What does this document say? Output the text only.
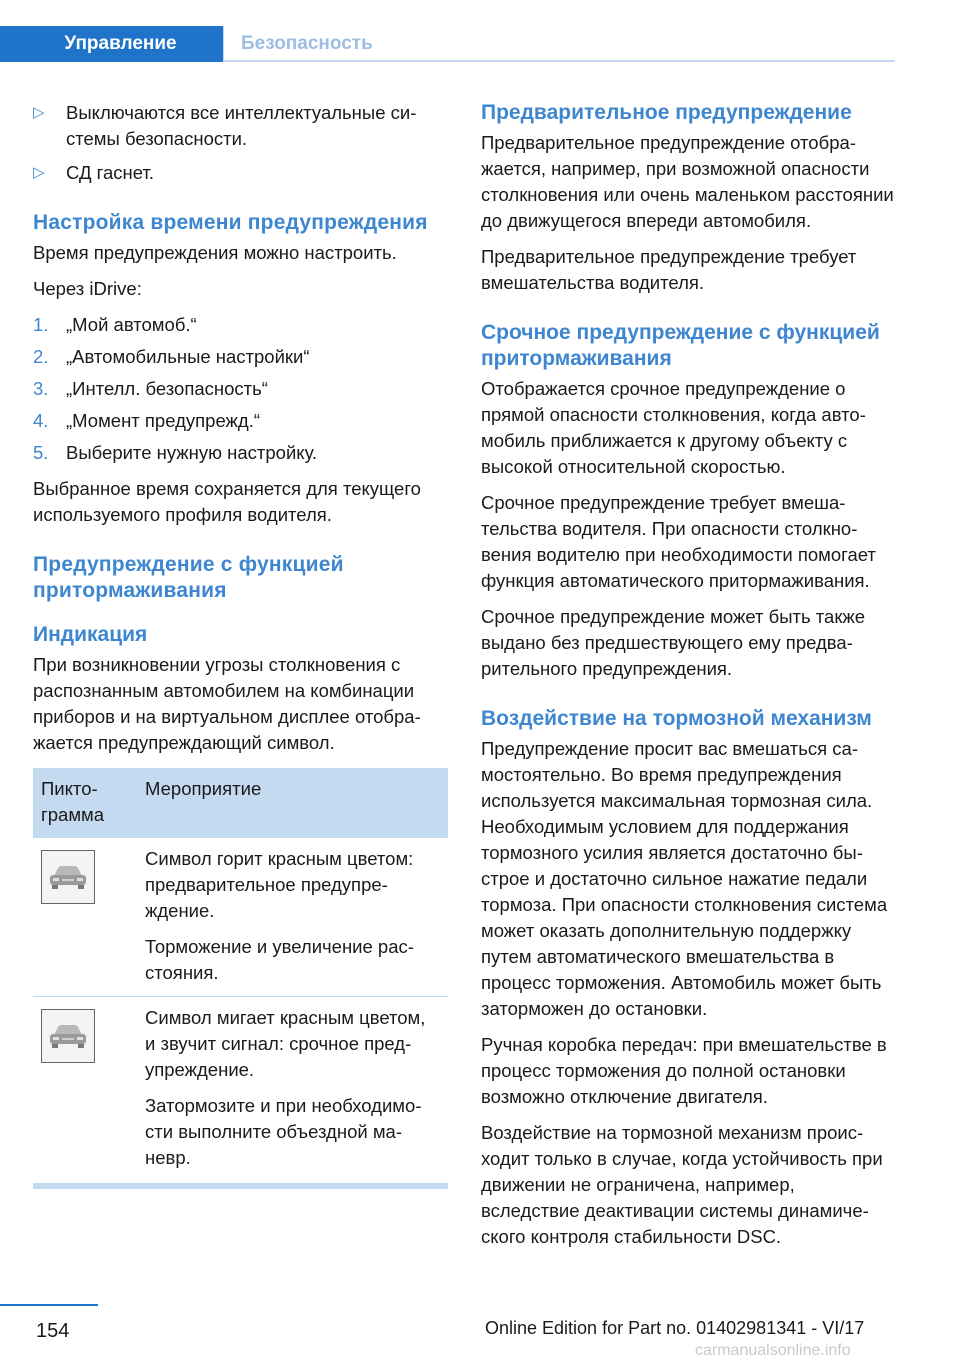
Управление	Безопасность
▷ Выключаются все интеллектуальные системы безопасности.
▷ СД гаснет.
Настройка времени предупреждения

Время предупреждения можно настроить.

Через iDrive:

1. „Мой автомоб.“
2. „Автомобильные настройки“
3. „Интелл. безопасность“
4. „Момент предупрежд.“
5. Выберите нужную настройку.

Выбранное время сохраняется для текущего используемого профиля водителя.

Предупреждение с функцией притормаживания
Индикация

При возникновении угрозы столкновения с распознанным автомобилем на комбинации приборов и на виртуальном дисплее отображается предупреждающий символ.

Пиктограмма	Мероприятие

Символ горит красным цветом: предварительное предупреждение.

Торможение и увеличение расстояния.

Символ мигает красным цветом, и звучит сигнал: срочное предупреждение.

Затормозите и при необходимости выполните объездной маневр.

Предварительное предупреждение

Предварительное предупреждение отображается, например, при возможной опасности столкновения или очень маленьком расстоянии до движущегося впереди автомобиля.

Предварительное предупреждение требует вмешательства водителя.

Срочное предупреждение с функцией притормаживания

Отображается срочное предупреждение о прямой опасности столкновения, когда автомобиль приближается к другому объекту с высокой относительной скоростью.

Срочное предупреждение требует вмешательства водителя. При опасности столкновения водителю при необходимости помогает функция автоматического притормаживания.

Срочное предупреждение может быть также выдано без предшествующего ему предварительного предупреждения.

Воздействие на тормозной механизм

Предупреждение просит вас вмешаться самостоятельно. Во время предупреждения используется максимальная тормозная сила. Необходимым условием для поддержания тормозного усилия является достаточно быстрое и достаточно сильное нажатие педали тормоза. При опасности столкновения система может оказать дополнительную поддержку путем автоматического вмешательства в процесс торможения. Автомобиль может быть заторможен до остановки.

Ручная коробка передач: при вмешательстве в процесс торможения до полной остановки возможно отключение двигателя.

Воздействие на тормозной механизм происходит только в случае, когда устойчивость при движении не ограничена, например, вследствие деактивации системы динамического контроля стабильности DSC.

154	Online Edition for Part no. 01402981341 - VI/17
carmanualsonline.info
